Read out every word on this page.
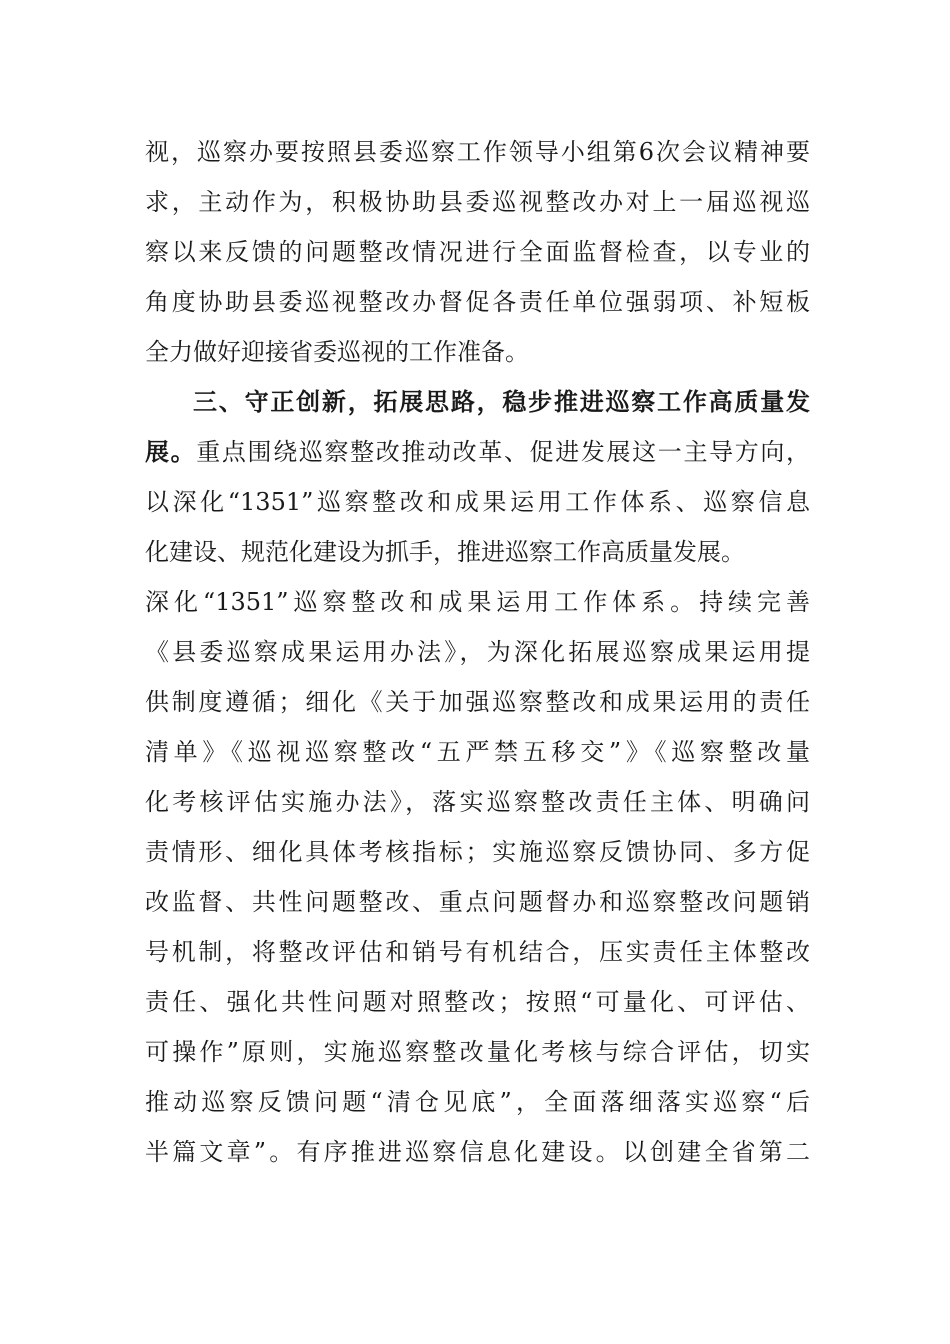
视，巡察办要按照县委巡察工作领导小组第6次会议精神要
求，主动作为，积极协助县委巡视整改办对上一届巡视巡
察以来反馈的问题整改情况进行全面监督检查，以专业的
角度协助县委巡视整改办督促各责任单位强弱项、补短板
全力做好迎接省委巡视的工作准备。
三、守正创新，拓展思路，稳步推进巡察工作高质量发
展。重点围绕巡察整改推动改革、促进发展这一主导方向，
以深化“1351”巡察整改和成果运用工作体系、巡察信息
化建设、规范化建设为抓手，推进巡察工作高质量发展。
深化“1351”巡察整改和成果运用工作体系。持续完善
《县委巡察成果运用办法》，为深化拓展巡察成果运用提
供制度遵循；细化《关于加强巡察整改和成果运用的责任
清单》《巡视巡察整改“五严禁五移交”》《巡察整改量
化考核评估实施办法》，落实巡察整改责任主体、明确问
责情形、细化具体考核指标；实施巡察反馈协同、多方促
改监督、共性问题整改、重点问题督办和巡察整改问题销
号机制，将整改评估和销号有机结合，压实责任主体整改
责任、强化共性问题对照整改；按照“可量化、可评估、
可操作”原则，实施巡察整改量化考核与综合评估，切实
推动巡察反馈问题“清仓见底”，全面落细落实巡察“后
半篇文章”。有序推进巡察信息化建设。以创建全省第二
